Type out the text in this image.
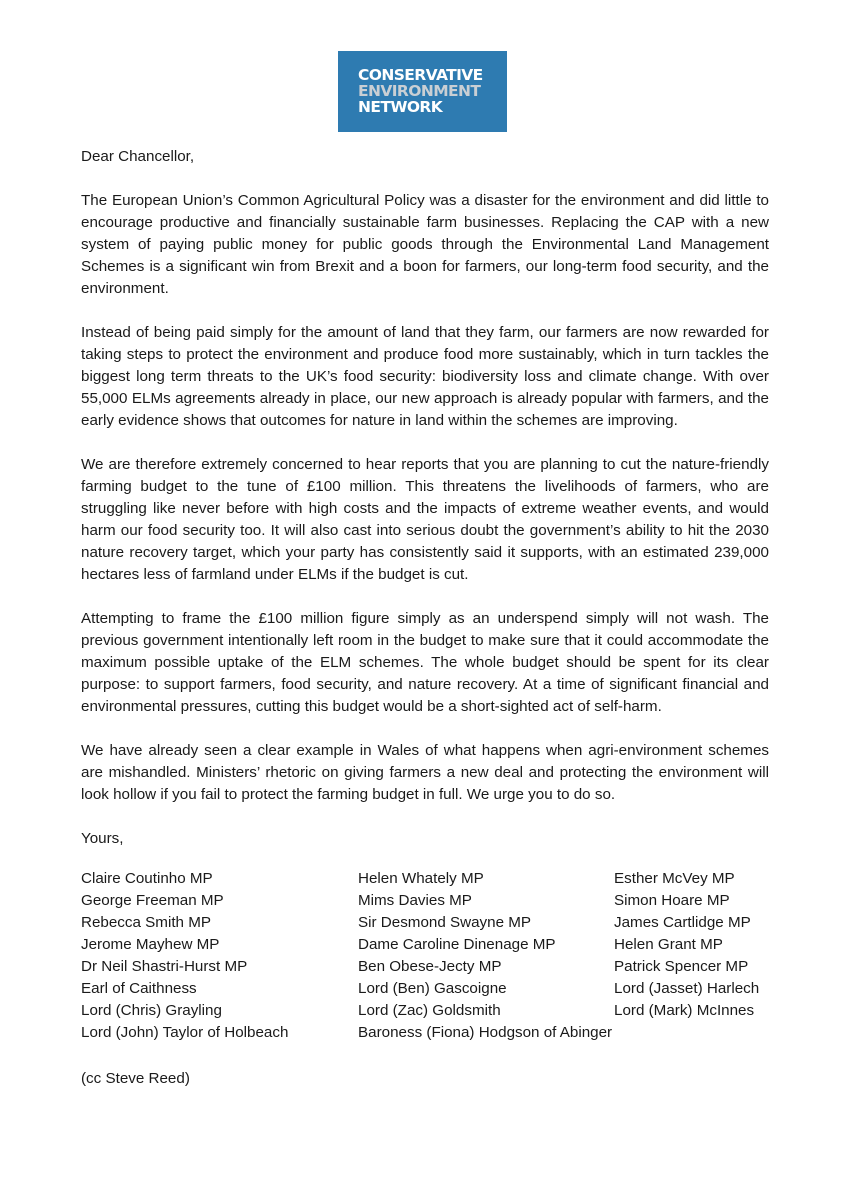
CONSERVATIVE
ENVIRONMENT
NETWORK
Dear Chancellor,
The European Union’s Common Agricultural Policy was a disaster for the environment and did little to encourage productive and financially sustainable farm businesses. Replacing the CAP with a new system of paying public money for public goods through the Environmental Land Management Schemes is a significant win from Brexit and a boon for farmers, our long-term food security, and the environment.
Instead of being paid simply for the amount of land that they farm, our farmers are now rewarded for taking steps to protect the environment and produce food more sustainably, which in turn tackles the biggest long term threats to the UK’s food security: biodiversity loss and climate change. With over 55,000 ELMs agreements already in place, our new approach is already popular with farmers, and the early evidence shows that outcomes for nature in land within the schemes are improving.
We are therefore extremely concerned to hear reports that you are planning to cut the nature-friendly farming budget to the tune of £100 million. This threatens the livelihoods of farmers, who are struggling like never before with high costs and the impacts of extreme weather events, and would harm our food security too. It will also cast into serious doubt the government’s ability to hit the 2030 nature recovery target, which your party has consistently said it supports, with an estimated 239,000 hectares less of farmland under ELMs if the budget is cut.
Attempting to frame the £100 million figure simply as an underspend simply will not wash. The previous government intentionally left room in the budget to make sure that it could accommodate the maximum possible uptake of the ELM schemes. The whole budget should be spent for its clear purpose: to support farmers, food security, and nature recovery. At a time of significant financial and environmental pressures, cutting this budget would be a short-sighted act of self-harm.
We have already seen a clear example in Wales of what happens when agri-environment schemes are mishandled. Ministers’ rhetoric on giving farmers a new deal and protecting the environment will look hollow if you fail to protect the farming budget in full. We urge you to do so.
Yours,
Claire Coutinho MP
George Freeman MP
Rebecca Smith MP
Jerome Mayhew MP
Dr Neil Shastri-Hurst MP
Earl of Caithness
Lord (Chris) Grayling
Lord (John) Taylor of Holbeach
Helen Whately MP
Mims Davies MP
Sir Desmond Swayne MP
Dame Caroline Dinenage MP
Ben Obese-Jecty MP
Lord (Ben) Gascoigne
Lord (Zac) Goldsmith
Baroness (Fiona) Hodgson of Abinger
Esther McVey MP
Simon Hoare MP
James Cartlidge MP
Helen Grant MP
Patrick Spencer MP
Lord (Jasset) Harlech
Lord (Mark) McInnes
(cc Steve Reed)
